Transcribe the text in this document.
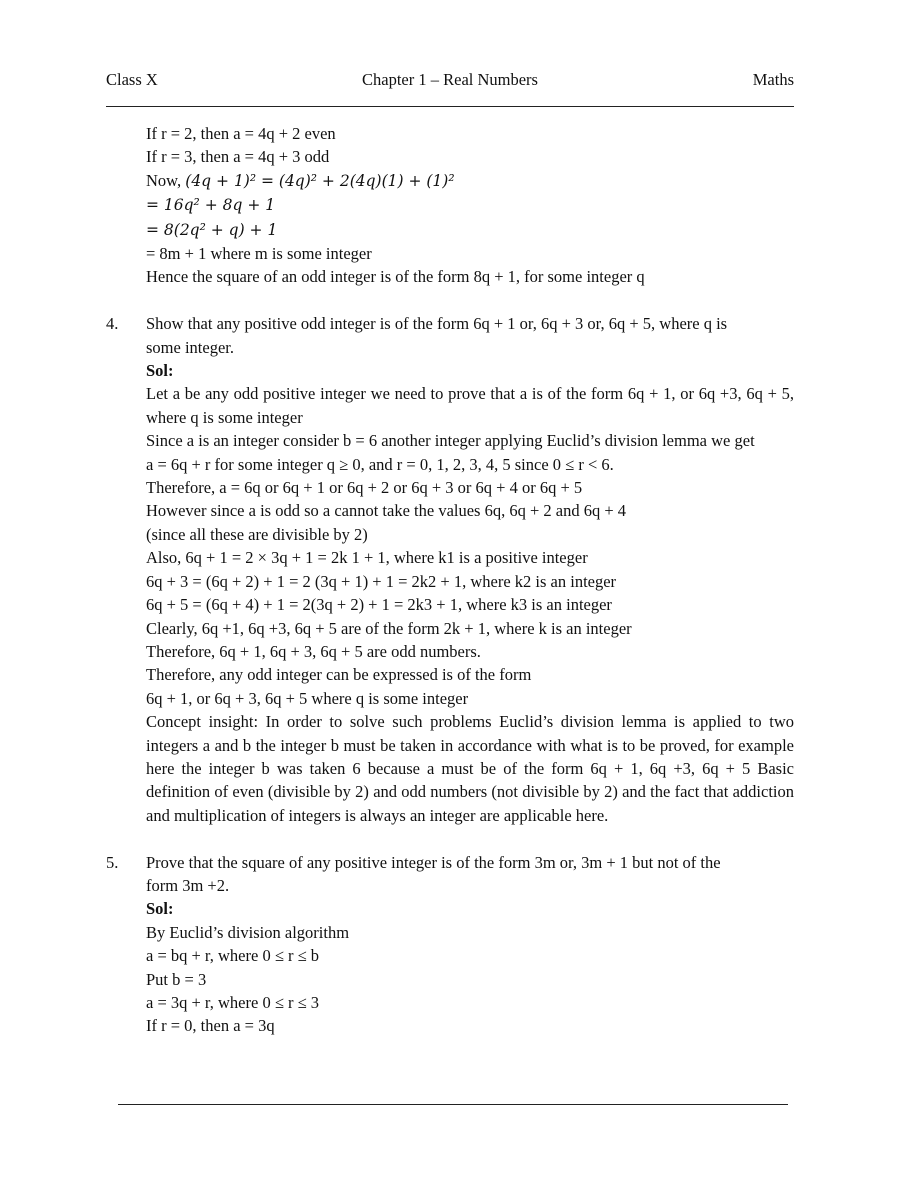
Class X	Chapter 1 – Real Numbers	Maths
If r = 2, then a = 4q + 2 even
If r = 3, then a = 4q + 3 odd
Now, (4q + 1)² = (4q)² + 2(4q)(1) + (1)²
= 16q² + 8q + 1
= 8(2q² + q) + 1
= 8m + 1 where m is some integer
Hence the square of an odd integer is of the form 8q + 1, for some integer q
4. Show that any positive odd integer is of the form 6q + 1 or, 6q + 3 or, 6q + 5, where q is
some integer.
Sol:
Let a be any odd positive integer we need to prove that a is of the form 6q + 1, or 6q +3, 6q + 5, where q is some integer
Since a is an integer consider b = 6 another integer applying Euclid’s division lemma we get
a = 6q + r for some integer q ≥ 0, and r = 0, 1, 2, 3, 4, 5 since 0 ≤ r < 6.
Therefore, a = 6q or 6q + 1 or 6q + 2 or 6q + 3 or 6q + 4 or 6q + 5
However since a is odd so a cannot take the values 6q, 6q + 2 and 6q + 4
(since all these are divisible by 2)
Also, 6q + 1 = 2 × 3q + 1 = 2k 1 + 1, where k1 is a positive integer
6q + 3 = (6q + 2) + 1 = 2 (3q + 1) + 1 = 2k2 + 1, where k2 is an integer
6q + 5 = (6q + 4) + 1 = 2(3q + 2) + 1 = 2k3 + 1, where k3 is an integer
Clearly, 6q +1, 6q +3, 6q + 5 are of the form 2k + 1, where k is an integer
Therefore, 6q + 1, 6q + 3, 6q + 5 are odd numbers.
Therefore, any odd integer can be expressed is of the form
6q + 1, or 6q + 3, 6q + 5 where q is some integer
Concept insight: In order to solve such problems Euclid’s division lemma is applied to two integers a and b the integer b must be taken in accordance with what is to be proved, for example here the integer b was taken 6 because a must be of the form 6q + 1, 6q +3, 6q + 5 Basic definition of even (divisible by 2) and odd numbers (not divisible by 2) and the fact that addiction and multiplication of integers is always an integer are applicable here.
5. Prove that the square of any positive integer is of the form 3m or, 3m + 1 but not of the
form 3m +2.
Sol:
By Euclid’s division algorithm
a = bq + r, where 0 ≤ r ≤ b
Put b = 3
a = 3q + r, where 0 ≤ r ≤ 3
If r = 0, then a = 3q
